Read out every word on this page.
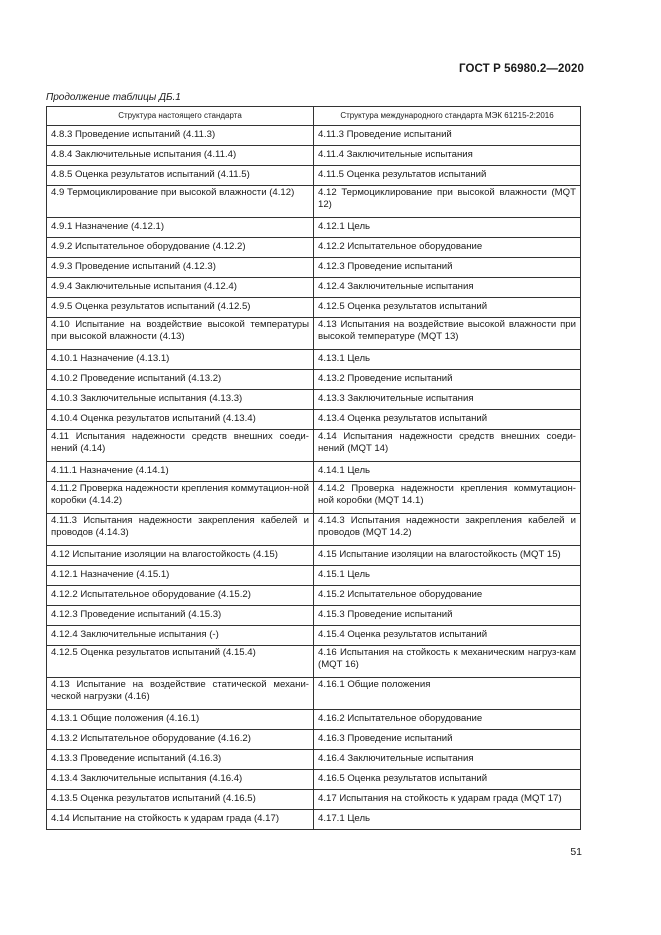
ГОСТ Р 56980.2—2020
Продолжение таблицы ДБ.1
Структура настоящего стандарта	Структура международного стандарта МЭК 61215-2:2016
4.8.3 Проведение испытаний (4.11.3)	4.11.3 Проведение испытаний
4.8.4 Заключительные испытания (4.11.4)	4.11.4 Заключительные испытания
4.8.5 Оценка результатов испытаний (4.11.5)	4.11.5 Оценка результатов испытаний
4.9 Термоциклирование при высокой влажности (4.12)	4.12 Термоциклирование при высокой влажности (MQT 12)
4.9.1 Назначение (4.12.1)	4.12.1 Цель
4.9.2 Испытательное оборудование (4.12.2)	4.12.2 Испытательное оборудование
4.9.3 Проведение испытаний (4.12.3)	4.12.3 Проведение испытаний
4.9.4 Заключительные испытания (4.12.4)	4.12.4 Заключительные испытания
4.9.5 Оценка результатов испытаний (4.12.5)	4.12.5 Оценка результатов испытаний
4.10 Испытание на воздействие высокой температуры при высокой влажности (4.13)	4.13 Испытания на воздействие высокой влажности при высокой температуре (MQT 13)
4.10.1 Назначение (4.13.1)	4.13.1 Цель
4.10.2 Проведение испытаний (4.13.2)	4.13.2 Проведение испытаний
4.10.3 Заключительные испытания (4.13.3)	4.13.3 Заключительные испытания
4.10.4 Оценка результатов испытаний (4.13.4)	4.13.4 Оценка результатов испытаний
4.11 Испытания надежности средств внешних соеди-нений (4.14)	4.14 Испытания надежности средств внешних соеди-нений (MQT 14)
4.11.1 Назначение (4.14.1)	4.14.1 Цель
4.11.2 Проверка надежности крепления коммутацион-ной коробки (4.14.2)	4.14.2 Проверка надежности крепления коммутацион-ной коробки (MQT 14.1)
4.11.3 Испытания надежности закрепления кабелей и проводов (4.14.3)	4.14.3 Испытания надежности закрепления кабелей и проводов (MQT 14.2)
4.12 Испытание изоляции на влагостойкость (4.15)	4.15 Испытание изоляции на влагостойкость (MQT 15)
4.12.1 Назначение (4.15.1)	4.15.1 Цель
4.12.2 Испытательное оборудование (4.15.2)	4.15.2 Испытательное оборудование
4.12.3 Проведение испытаний (4.15.3)	4.15.3 Проведение испытаний
4.12.4 Заключительные испытания (-)	4.15.4 Оценка результатов испытаний
4.12.5 Оценка результатов испытаний (4.15.4)	4.16 Испытания на стойкость к механическим нагруз-кам (MQT 16)
4.13 Испытание на воздействие статической механи-ческой нагрузки (4.16)	4.16.1 Общие положения
4.13.1 Общие положения (4.16.1)	4.16.2 Испытательное оборудование
4.13.2 Испытательное оборудование (4.16.2)	4.16.3 Проведение испытаний
4.13.3 Проведение испытаний (4.16.3)	4.16.4 Заключительные испытания
4.13.4 Заключительные испытания (4.16.4)	4.16.5 Оценка результатов испытаний
4.13.5 Оценка результатов испытаний (4.16.5)	4.17 Испытания на стойкость к ударам града (MQT 17)
4.14 Испытание на стойкость к ударам града (4.17)	4.17.1 Цель
51
